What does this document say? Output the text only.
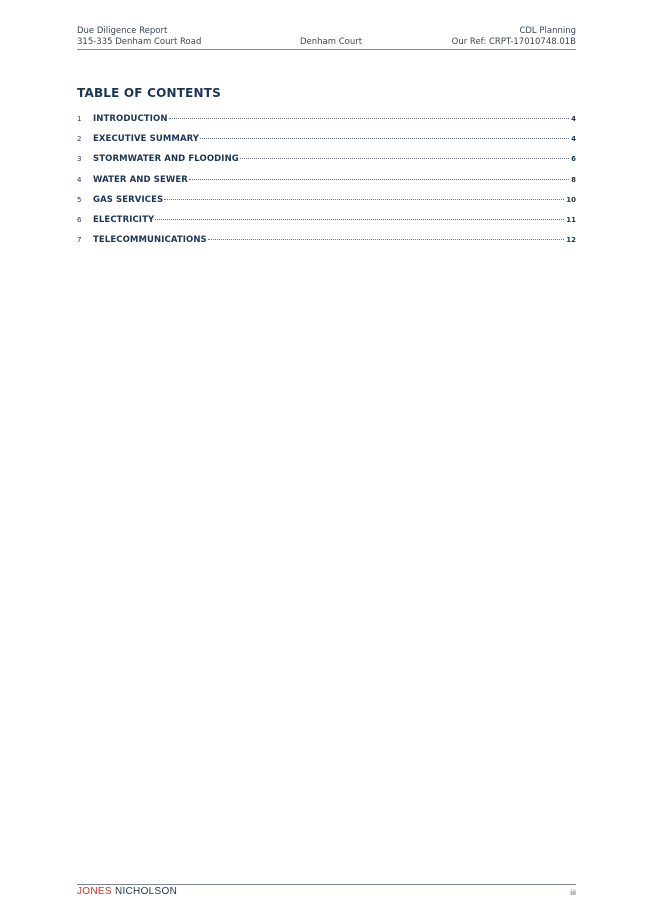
Due Diligence Report	CDL Planning
315-335 Denham Court Road	Denham Court	Our Ref: CRPT-17010748.01B
TABLE OF CONTENTS
1	INTRODUCTION	4
2	EXECUTIVE SUMMARY	4
3	STORMWATER AND FLOODING	6
4	WATER AND SEWER	8
5	GAS SERVICES	10
6	ELECTRICITY	11
7	TELECOMMUNICATIONS	12
JONES NICHOLSON	iii
